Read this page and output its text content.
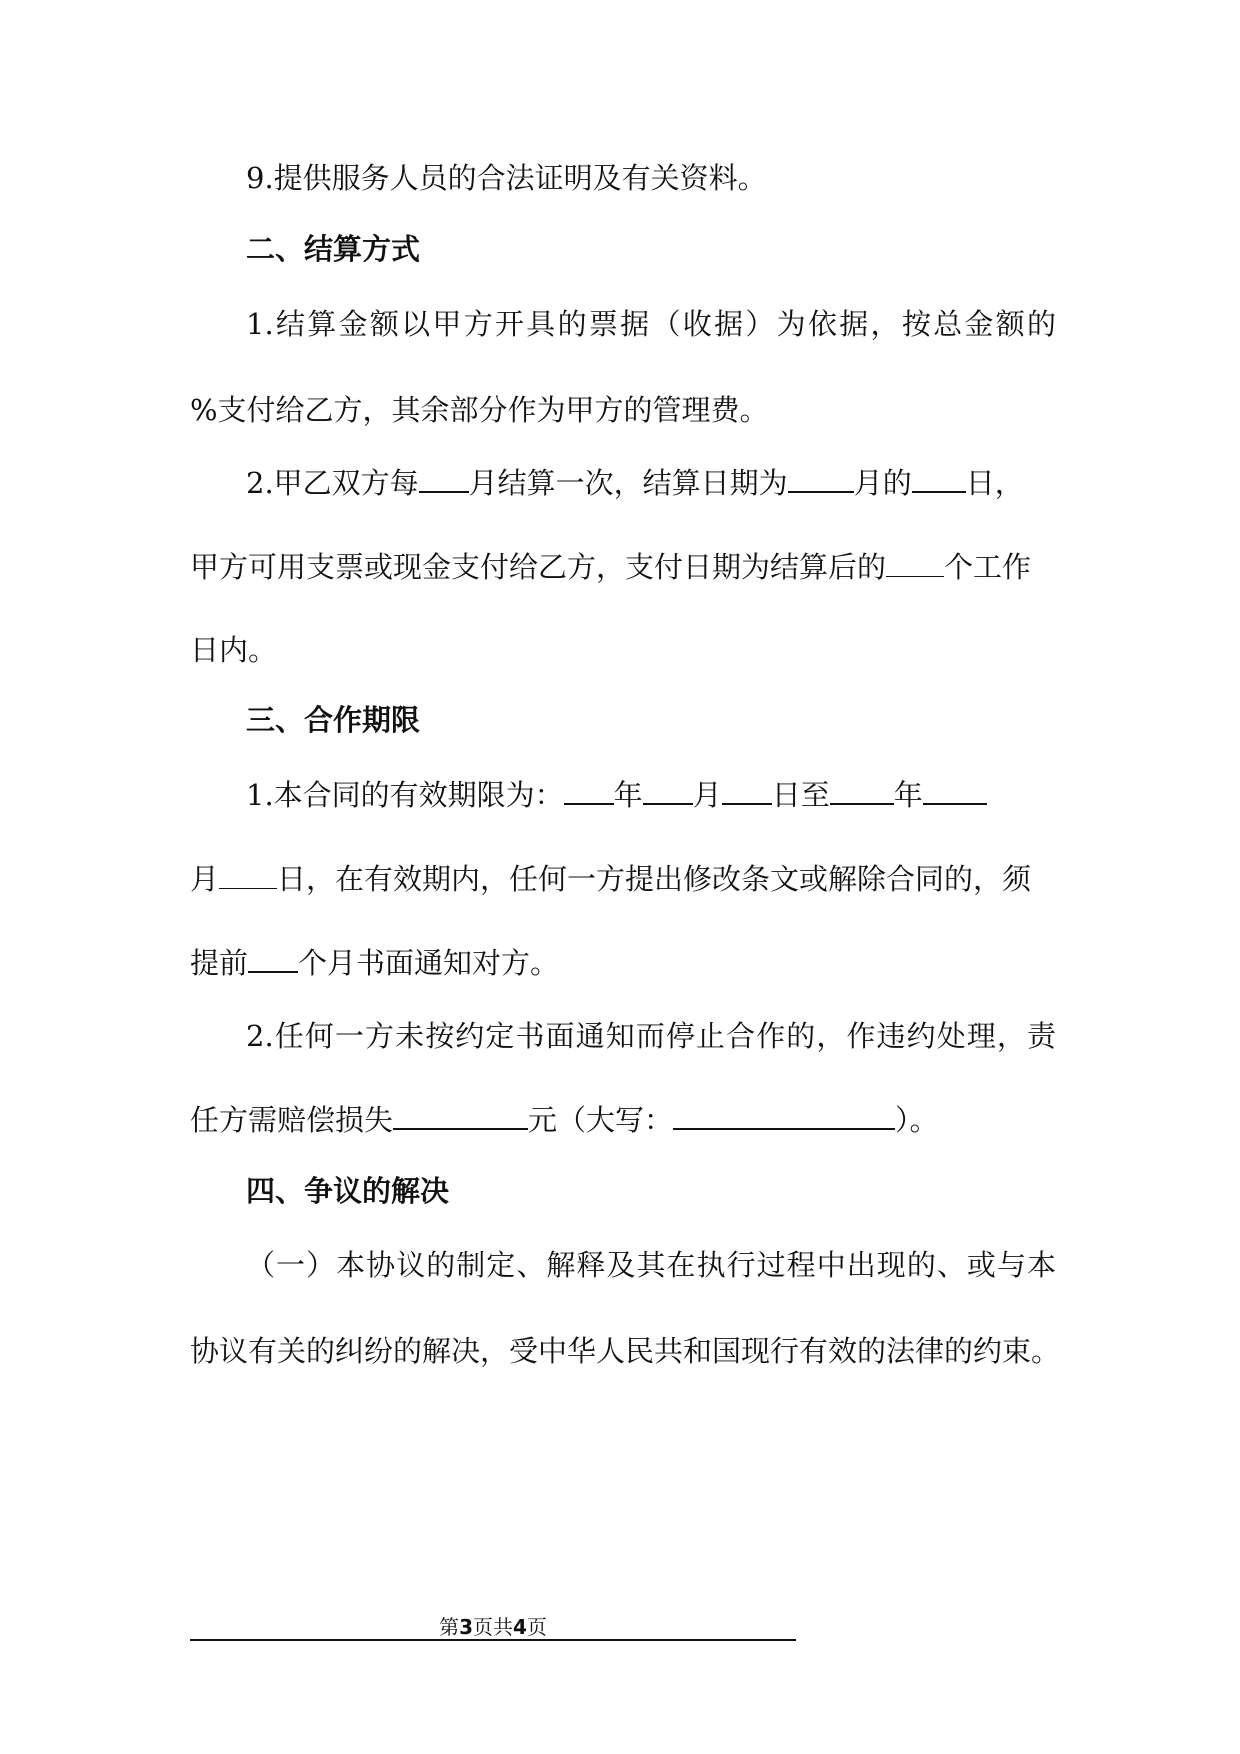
9.提供服务人员的合法证明及有关资料。
二、结算方式
1.结算金额以甲方开具的票据（收据）为依据，按总金额的
%支付给乙方，其余部分作为甲方的管理费。
2.甲乙双方每 月结算一次，结算日期为 月的 日，
甲方可用支票或现金支付给乙方，支付日期为结算后的 个工作
日内。
三、合作期限
1.本合同的有效期限为： 年 月 日至 年
月 日，在有效期内，任何一方提出修改条文或解除合同的，须
提前 个月书面通知对方。
2.任何一方未按约定书面通知而停止合作的，作违约处理，责
任方需赔偿损失	元（大写：	）。
四、争议的解决
（一）本协议的制定、解释及其在执行过程中出现的、或与本
协议有关的纠纷的解决，受中华人民共和国现行有效的法律的约束。
第3页共4页
